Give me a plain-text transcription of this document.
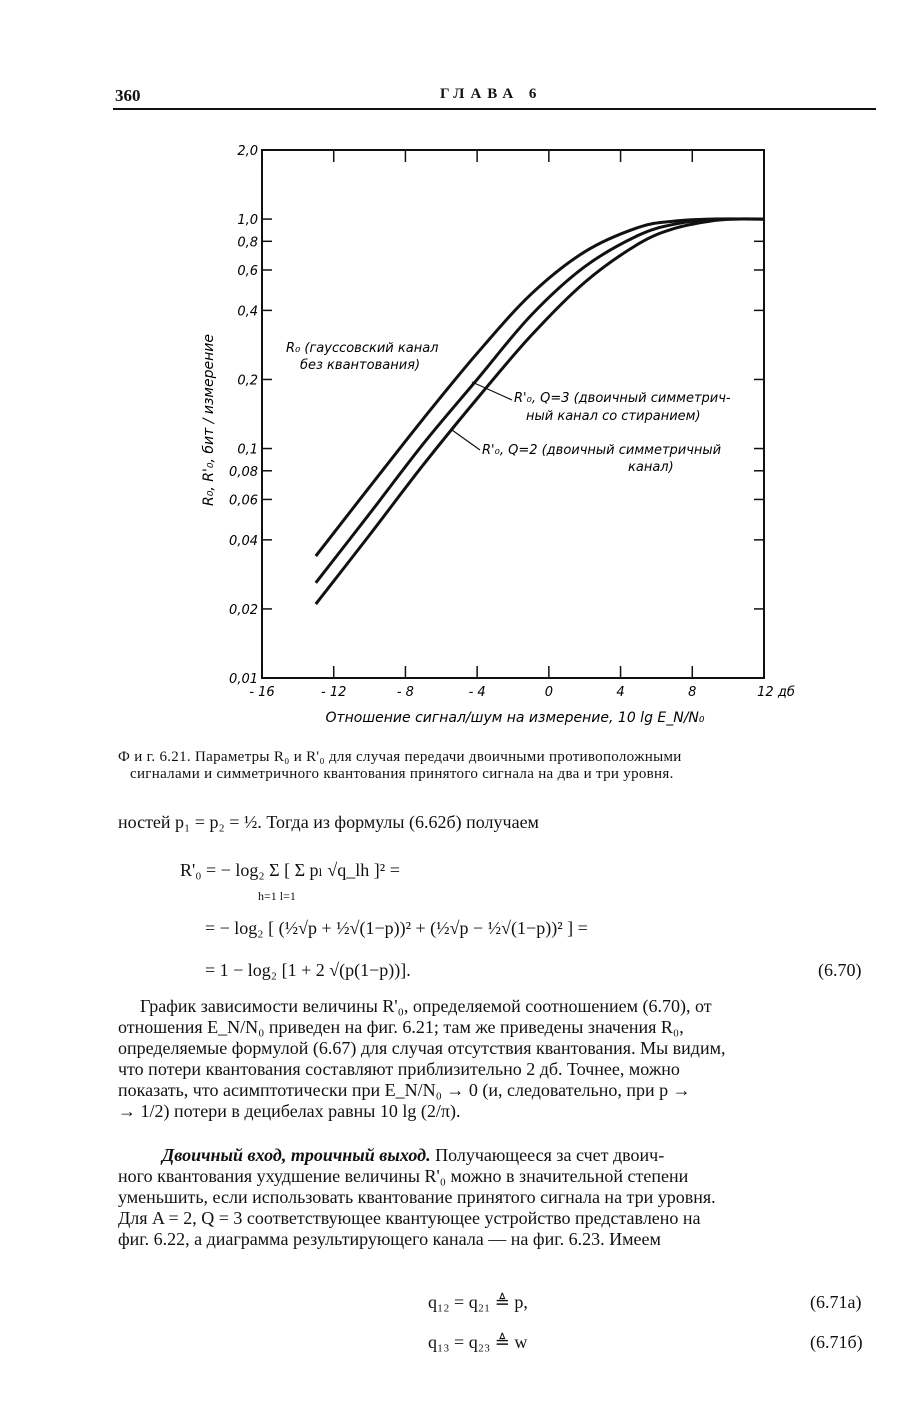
360	ГЛАВА 6
2,0
1,0
0,8
0,6
0,4
0,2
0,1
0,08
0,06
0,04
0,02
0,01
- 16	- 12	- 8	- 4	0	4	8	12 дб
R₀ (гауссовский канал
без квантования)
R'₀, Q=3 (двоичный симметрич-
ный канал со стиранием)
R'₀, Q=2 (двоичный симметричный
канал)
R₀, R'₀, бит / измерение
Отношение сигнал/шум на измерение, 10 lg E_N/N₀
Ф и г. 6.21. Параметры R₀ и R'₀ для случая передачи двоичными противоположными
сигналами и симметричного квантования принятого сигнала на два и три уровня.
ностей p₁ = p₂ = ½. Тогда из формулы (6.62б) получаем
R'₀ = − log₂ Σ [ Σ pₗ √q_lh ]² =
h=1 l=1
= − log₂ [ (½√p + ½√(1−p))² + (½√p − ½√(1−p))² ] =
= 1 − log₂ [1 + 2 √(p(1−p))].	(6.70)
График зависимости величины R'₀, определяемой соотношением (6.70), от
отношения E_N/N₀ приведен на фиг. 6.21; там же приведены значения R₀,
определяемые формулой (6.67) для случая отсутствия квантования. Мы видим,
что потери квантования составляют приблизительно 2 дб. Точнее, можно
показать, что асимптотически при E_N/N₀ → 0 (и, следовательно, при p →
→ 1/2) потери в децибелах равны 10 lg (2/π).
Двоичный вход, троичный выход. Получающееся за счет двоич-
ного квантования ухудшение величины R'₀ можно в значительной степени
уменьшить, если использовать квантование принятого сигнала на три уровня.
Для A = 2, Q = 3 соответствующее квантующее устройство представлено на
фиг. 6.22, а диаграмма результирующего канала — на фиг. 6.23. Имеем
q₁₂ = q₂₁ ≜ p,	(6.71а)
q₁₃ = q₂₃ ≜ w	(6.71б)
